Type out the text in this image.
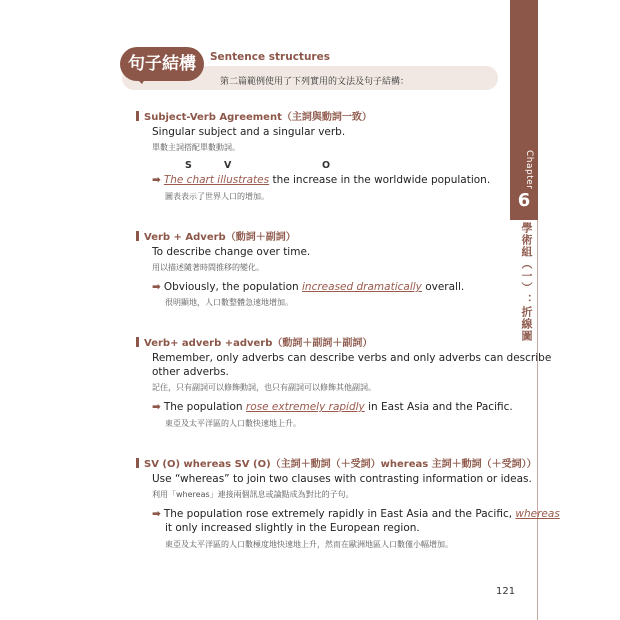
Chapter
6
學術組（一）：折線圖
句子結構	Sentence structures
第二篇範例使用了下列實用的文法及句子結構：
Subject-Verb Agreement（主詞與動詞一致）
Singular subject and a singular verb.
單數主詞搭配單數動詞。
S	V	O
➡ The chart illustrates the increase in the worldwide population.
圖表表示了世界人口的增加。
Verb + Adverb（動詞＋副詞）
To describe change over time.
用以描述隨著時間推移的變化。
➡ Obviously, the population increased dramatically overall.
很明顯地，人口數整體急速地增加。
Verb+ adverb +adverb（動詞＋副詞＋副詞）
Remember, only adverbs can describe verbs and only adverbs can describe
other adverbs.
記住，只有副詞可以修飾動詞，也只有副詞可以修飾其他副詞。
➡ The population rose extremely rapidly in East Asia and the Pacific.
東亞及太平洋區的人口數快速地上升。
SV (O) whereas SV (O)（主詞＋動詞（＋受詞）whereas 主詞＋動詞（＋受詞））
Use “whereas” to join two clauses with contrasting information or ideas.
利用「whereas」連接兩個訊息或論點成為對比的子句。
➡ The population rose extremely rapidly in East Asia and the Pacific, whereas
it only increased slightly in the European region.
東亞及太平洋區的人口數極度地快速地上升，然而在歐洲地區人口數僅小幅增加。
121
